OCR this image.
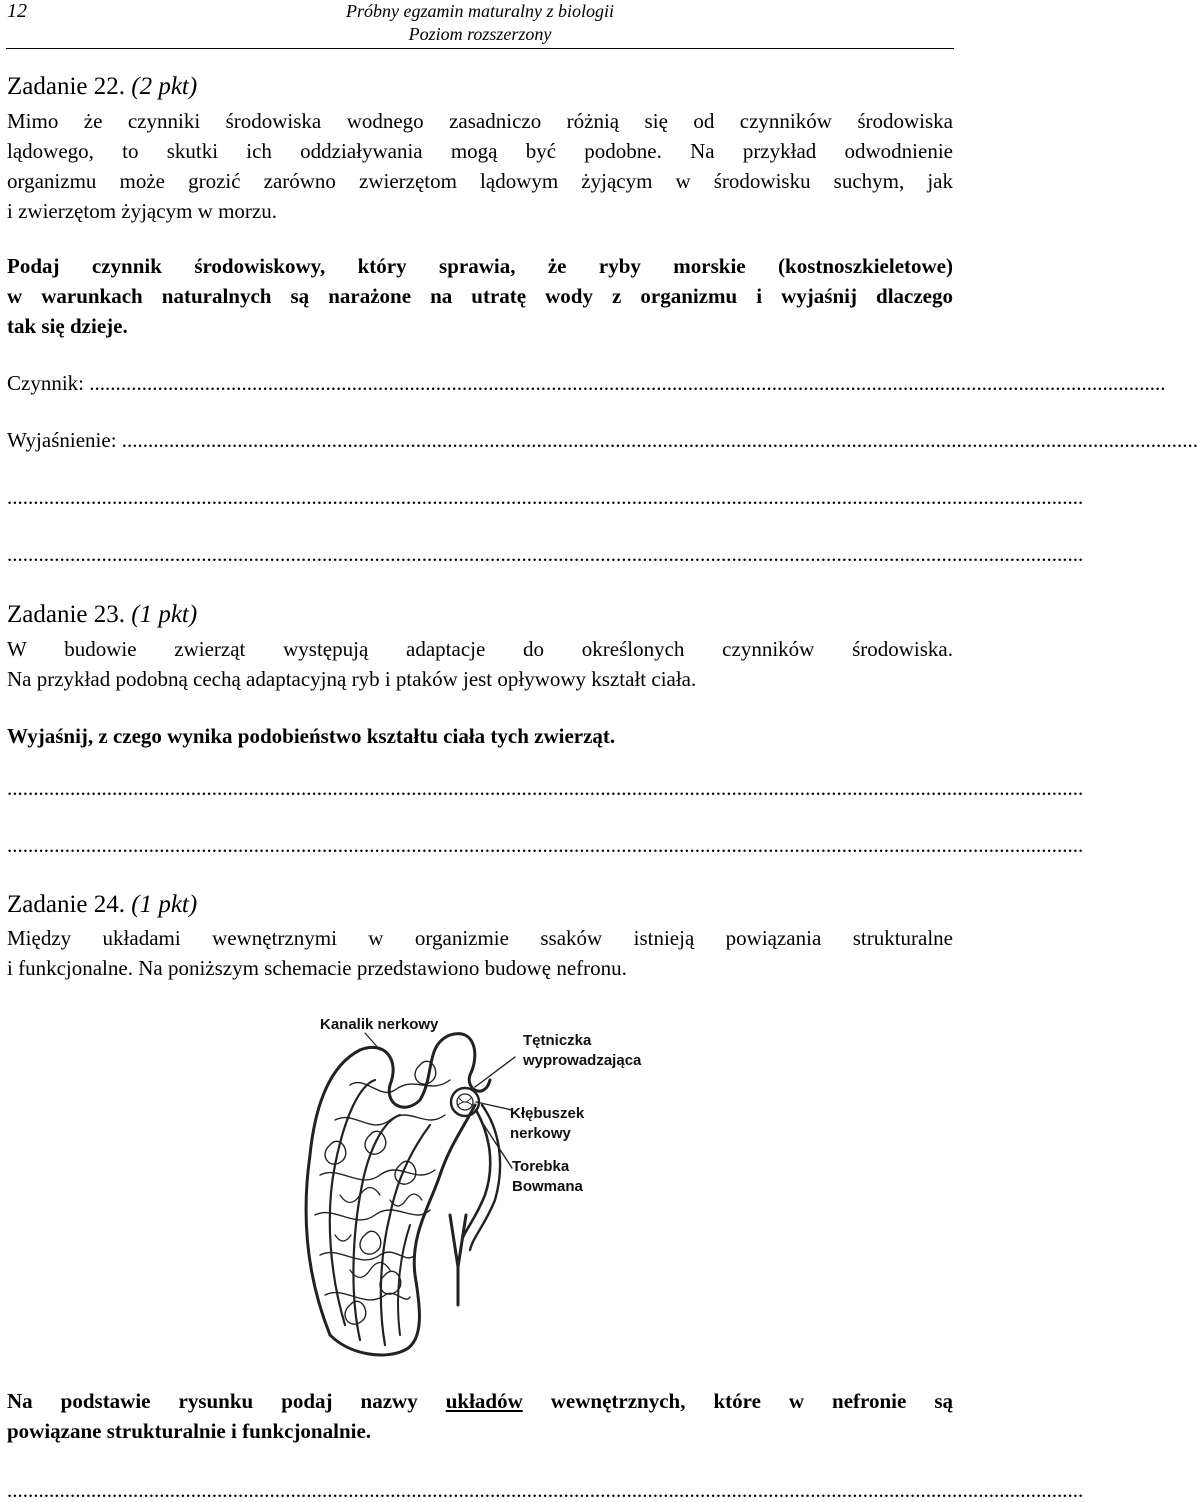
12	Próbny egzamin maturalny z biologii
Poziom rozszerzony
Zadanie 22. (2 pkt)
Mimo że czynniki środowiska wodnego zasadniczo różnią się od czynników środowiska
lądowego, to skutki ich oddziaływania mogą być podobne. Na przykład odwodnienie
organizmu może grozić zarówno zwierzętom lądowym żyjącym w środowisku suchym, jak
i zwierzętom żyjącym w morzu.
Podaj czynnik środowiskowy, który sprawia, że ryby morskie (kostnoszkieletowe)
w warunkach naturalnych są narażone na utratę wody z organizmu i wyjaśnij dlaczego
tak się dzieje.
Czynnik: .............................................................................................................................................................................................................
Wyjaśnienie: .............................................................................................................................................................................................................
.............................................................................................................................................................................................................
.............................................................................................................................................................................................................
Zadanie 23. (1 pkt)
W budowie zwierząt występują adaptacje do określonych czynników środowiska.
Na przykład podobną cechą adaptacyjną ryb i ptaków jest opływowy kształt ciała.
Wyjaśnij, z czego wynika podobieństwo kształtu ciała tych zwierząt.
.............................................................................................................................................................................................................
.............................................................................................................................................................................................................
Zadanie 24. (1 pkt)
Między układami wewnętrznymi w organizmie ssaków istnieją powiązania strukturalne
i funkcjonalne. Na poniższym schemacie przedstawiono budowę nefronu.
Kanalik nerkowy
Tętniczka
wyprowadzająca
Kłębuszek
nerkowy
Torebka
Bowmana
Na podstawie rysunku podaj nazwy układów wewnętrznych, które w nefronie są
powiązane strukturalnie i funkcjonalnie.
.............................................................................................................................................................................................................
